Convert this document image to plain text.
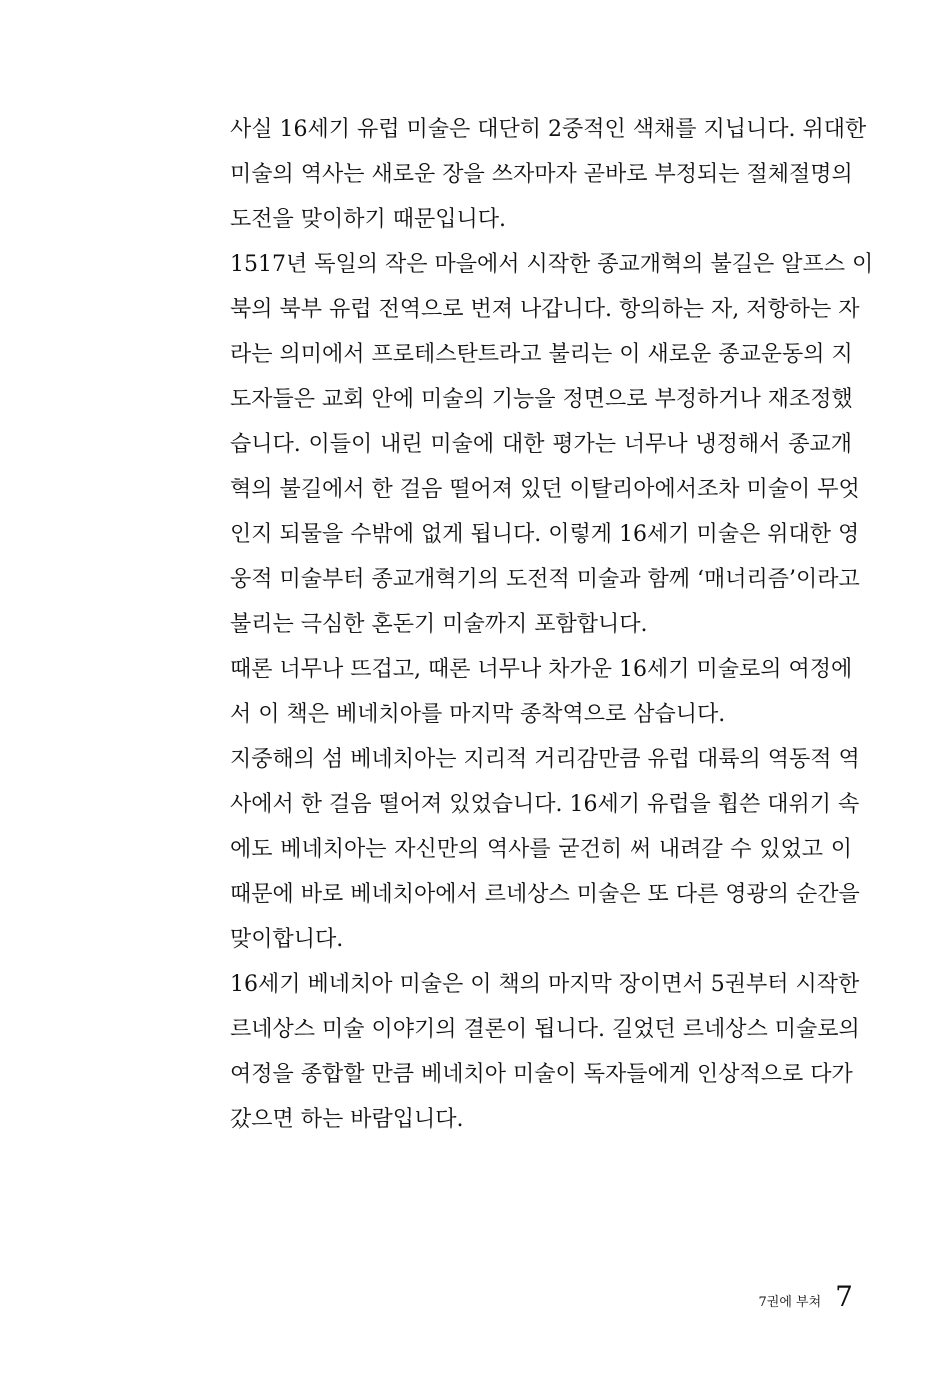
사실 16세기 유럽 미술은 대단히 2중적인 색채를 지닙니다. 위대한
미술의 역사는 새로운 장을 쓰자마자 곧바로 부정되는 절체절명의
도전을 맞이하기 때문입니다.
1517년 독일의 작은 마을에서 시작한 종교개혁의 불길은 알프스 이
북의 북부 유럽 전역으로 번져 나갑니다. 항의하는 자, 저항하는 자
라는 의미에서 프로테스탄트라고 불리는 이 새로운 종교운동의 지
도자들은 교회 안에 미술의 기능을 정면으로 부정하거나 재조정했
습니다. 이들이 내린 미술에 대한 평가는 너무나 냉정해서 종교개
혁의 불길에서 한 걸음 떨어져 있던 이탈리아에서조차 미술이 무엇
인지 되물을 수밖에 없게 됩니다. 이렇게 16세기 미술은 위대한 영
웅적 미술부터 종교개혁기의 도전적 미술과 함께 ‘매너리즘’이라고
불리는 극심한 혼돈기 미술까지 포함합니다.
때론 너무나 뜨겁고, 때론 너무나 차가운 16세기 미술로의 여정에
서 이 책은 베네치아를 마지막 종착역으로 삼습니다.
지중해의 섬 베네치아는 지리적 거리감만큼 유럽 대륙의 역동적 역
사에서 한 걸음 떨어져 있었습니다. 16세기 유럽을 휩쓴 대위기 속
에도 베네치아는 자신만의 역사를 굳건히 써 내려갈 수 있었고 이
때문에 바로 베네치아에서 르네상스 미술은 또 다른 영광의 순간을
맞이합니다.
16세기 베네치아 미술은 이 책의 마지막 장이면서 5권부터 시작한
르네상스 미술 이야기의 결론이 됩니다. 길었던 르네상스 미술로의
여정을 종합할 만큼 베네치아 미술이 독자들에게 인상적으로 다가
갔으면 하는 바람입니다.
7권에 부쳐 7
